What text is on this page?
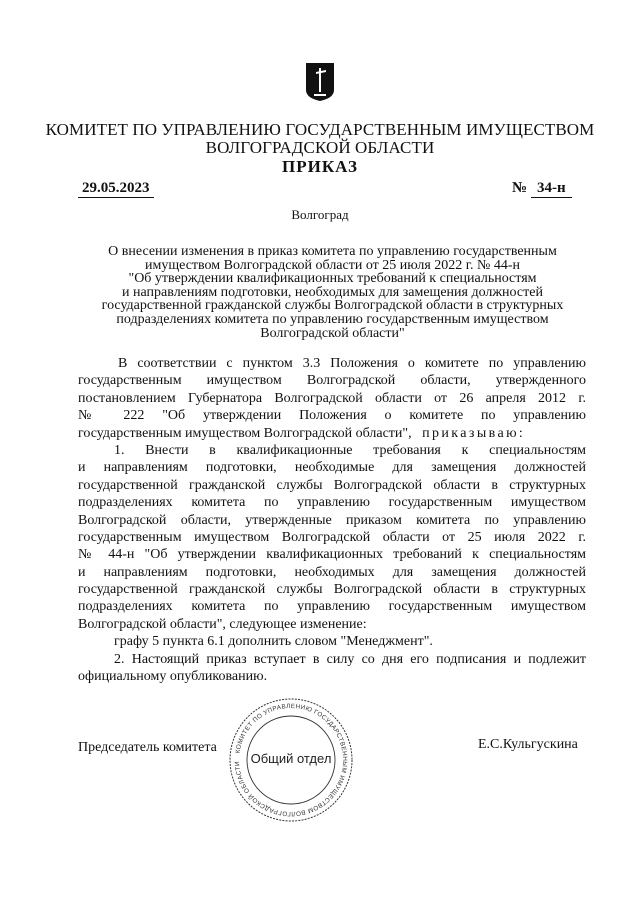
КОМИТЕТ ПО УПРАВЛЕНИЮ ГОСУДАРСТВЕННЫМ ИМУЩЕСТВОМ
ВОЛГОГРАДСКОЙ ОБЛАСТИ
ПРИКАЗ
29.05.2023	№ 34-н
Волгоград
О внесении изменения в приказ комитета по управлению государственным
имуществом Волгоградской области от 25 июля 2022 г. № 44-н
"Об утверждении квалификационных требований к специальностям
и направлениям подготовки, необходимых для замещения должностей
государственной гражданской службы Волгоградской области в структурных
подразделениях комитета по управлению государственным имуществом
Волгоградской области"
В соответствии с пунктом 3.3 Положения о комитете по управлению
государственным имуществом Волгоградской области, утвержденного
постановлением Губернатора Волгоградской области от 26 апреля 2012 г.
№ 222 "Об утверждении Положения о комитете по управлению
государственным имуществом Волгоградской области", приказываю:
1. Внести в квалификационные требования к специальностям
и направлениям подготовки, необходимые для замещения должностей
государственной гражданской службы Волгоградской области в структурных
подразделениях комитета по управлению государственным имуществом
Волгоградской области, утвержденные приказом комитета по управлению
государственным имуществом Волгоградской области от 25 июля 2022 г.
№ 44-н "Об утверждении квалификационных требований к специальностям
и направлениям подготовки, необходимых для замещения должностей
государственной гражданской службы Волгоградской области в структурных
подразделениях комитета по управлению государственным имуществом
Волгоградской области", следующее изменение:
графу 5 пункта 6.1 дополнить словом "Менеджмент".
2. Настоящий приказ вступает в силу со дня его подписания и подлежит
официальному опубликованию.
Председатель комитета	Е.С.Кульгускина
КОМИТЕТ ПО УПРАВЛЕНИЮ ГОСУДАРСТВЕННЫМ ИМУЩЕСТВОМ ВОЛГОГРАДСКОЙ ОБЛАСТИ Общий отдел
